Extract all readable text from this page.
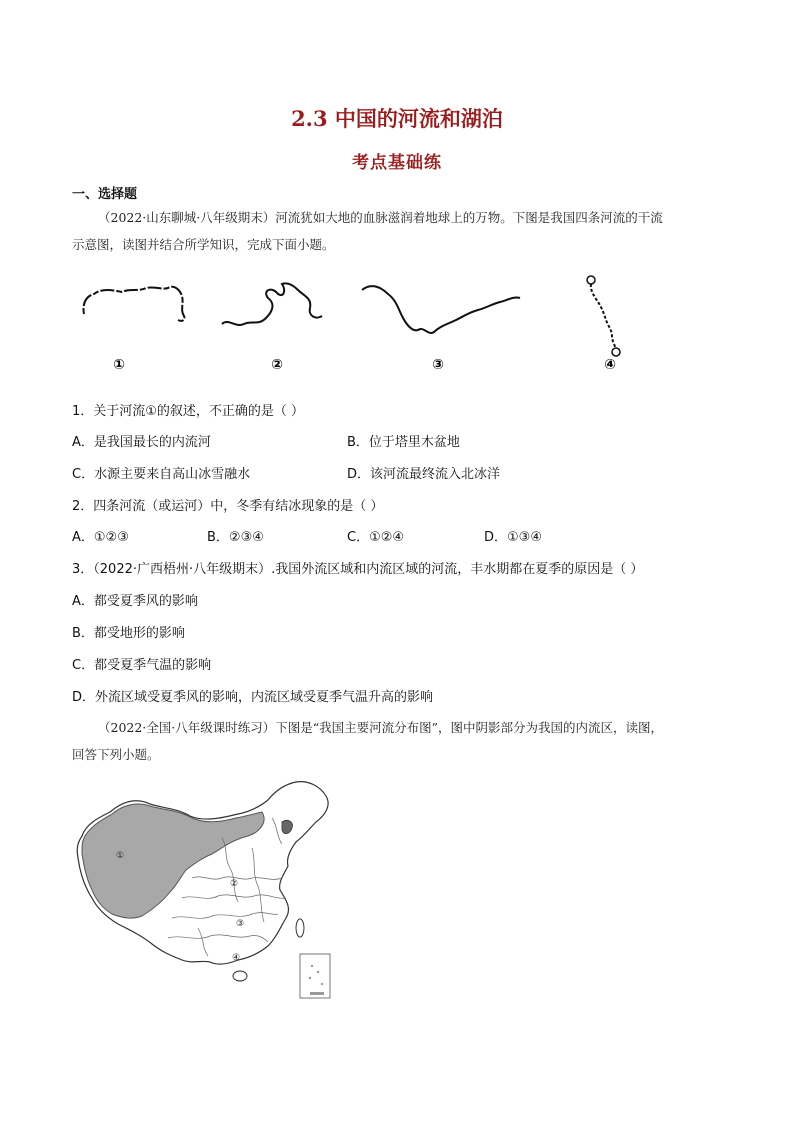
2.3 中国的河流和湖泊
考点基础练
一、选择题
（2022·山东聊城·八年级期末）河流犹如大地的血脉滋润着地球上的万物。下图是我国四条河流的干流
示意图，读图并结合所学知识，完成下面小题。
①	②	③	④
1．关于河流①的叙述，不正确的是（ ）
A．是我国最长的内流河	B．位于塔里木盆地
C．水源主要来自高山冰雪融水	D．该河流最终流入北冰洋
2．四条河流（或运河）中，冬季有结冰现象的是（ ）
A．①②③	B．②③④	C．①②④	D．①③④
3．（2022·广西梧州·八年级期末）.我国外流区域和内流区域的河流，丰水期都在夏季的原因是（ ）
A．都受夏季风的影响
B．都受地形的影响
C．都受夏季气温的影响
D．外流区域受夏季风的影响，内流区域受夏季气温升高的影响
（2022·全国·八年级课时练习）下图是“我国主要河流分布图”，图中阴影部分为我国的内流区，读图，
回答下列小题。
①
②
③
④
